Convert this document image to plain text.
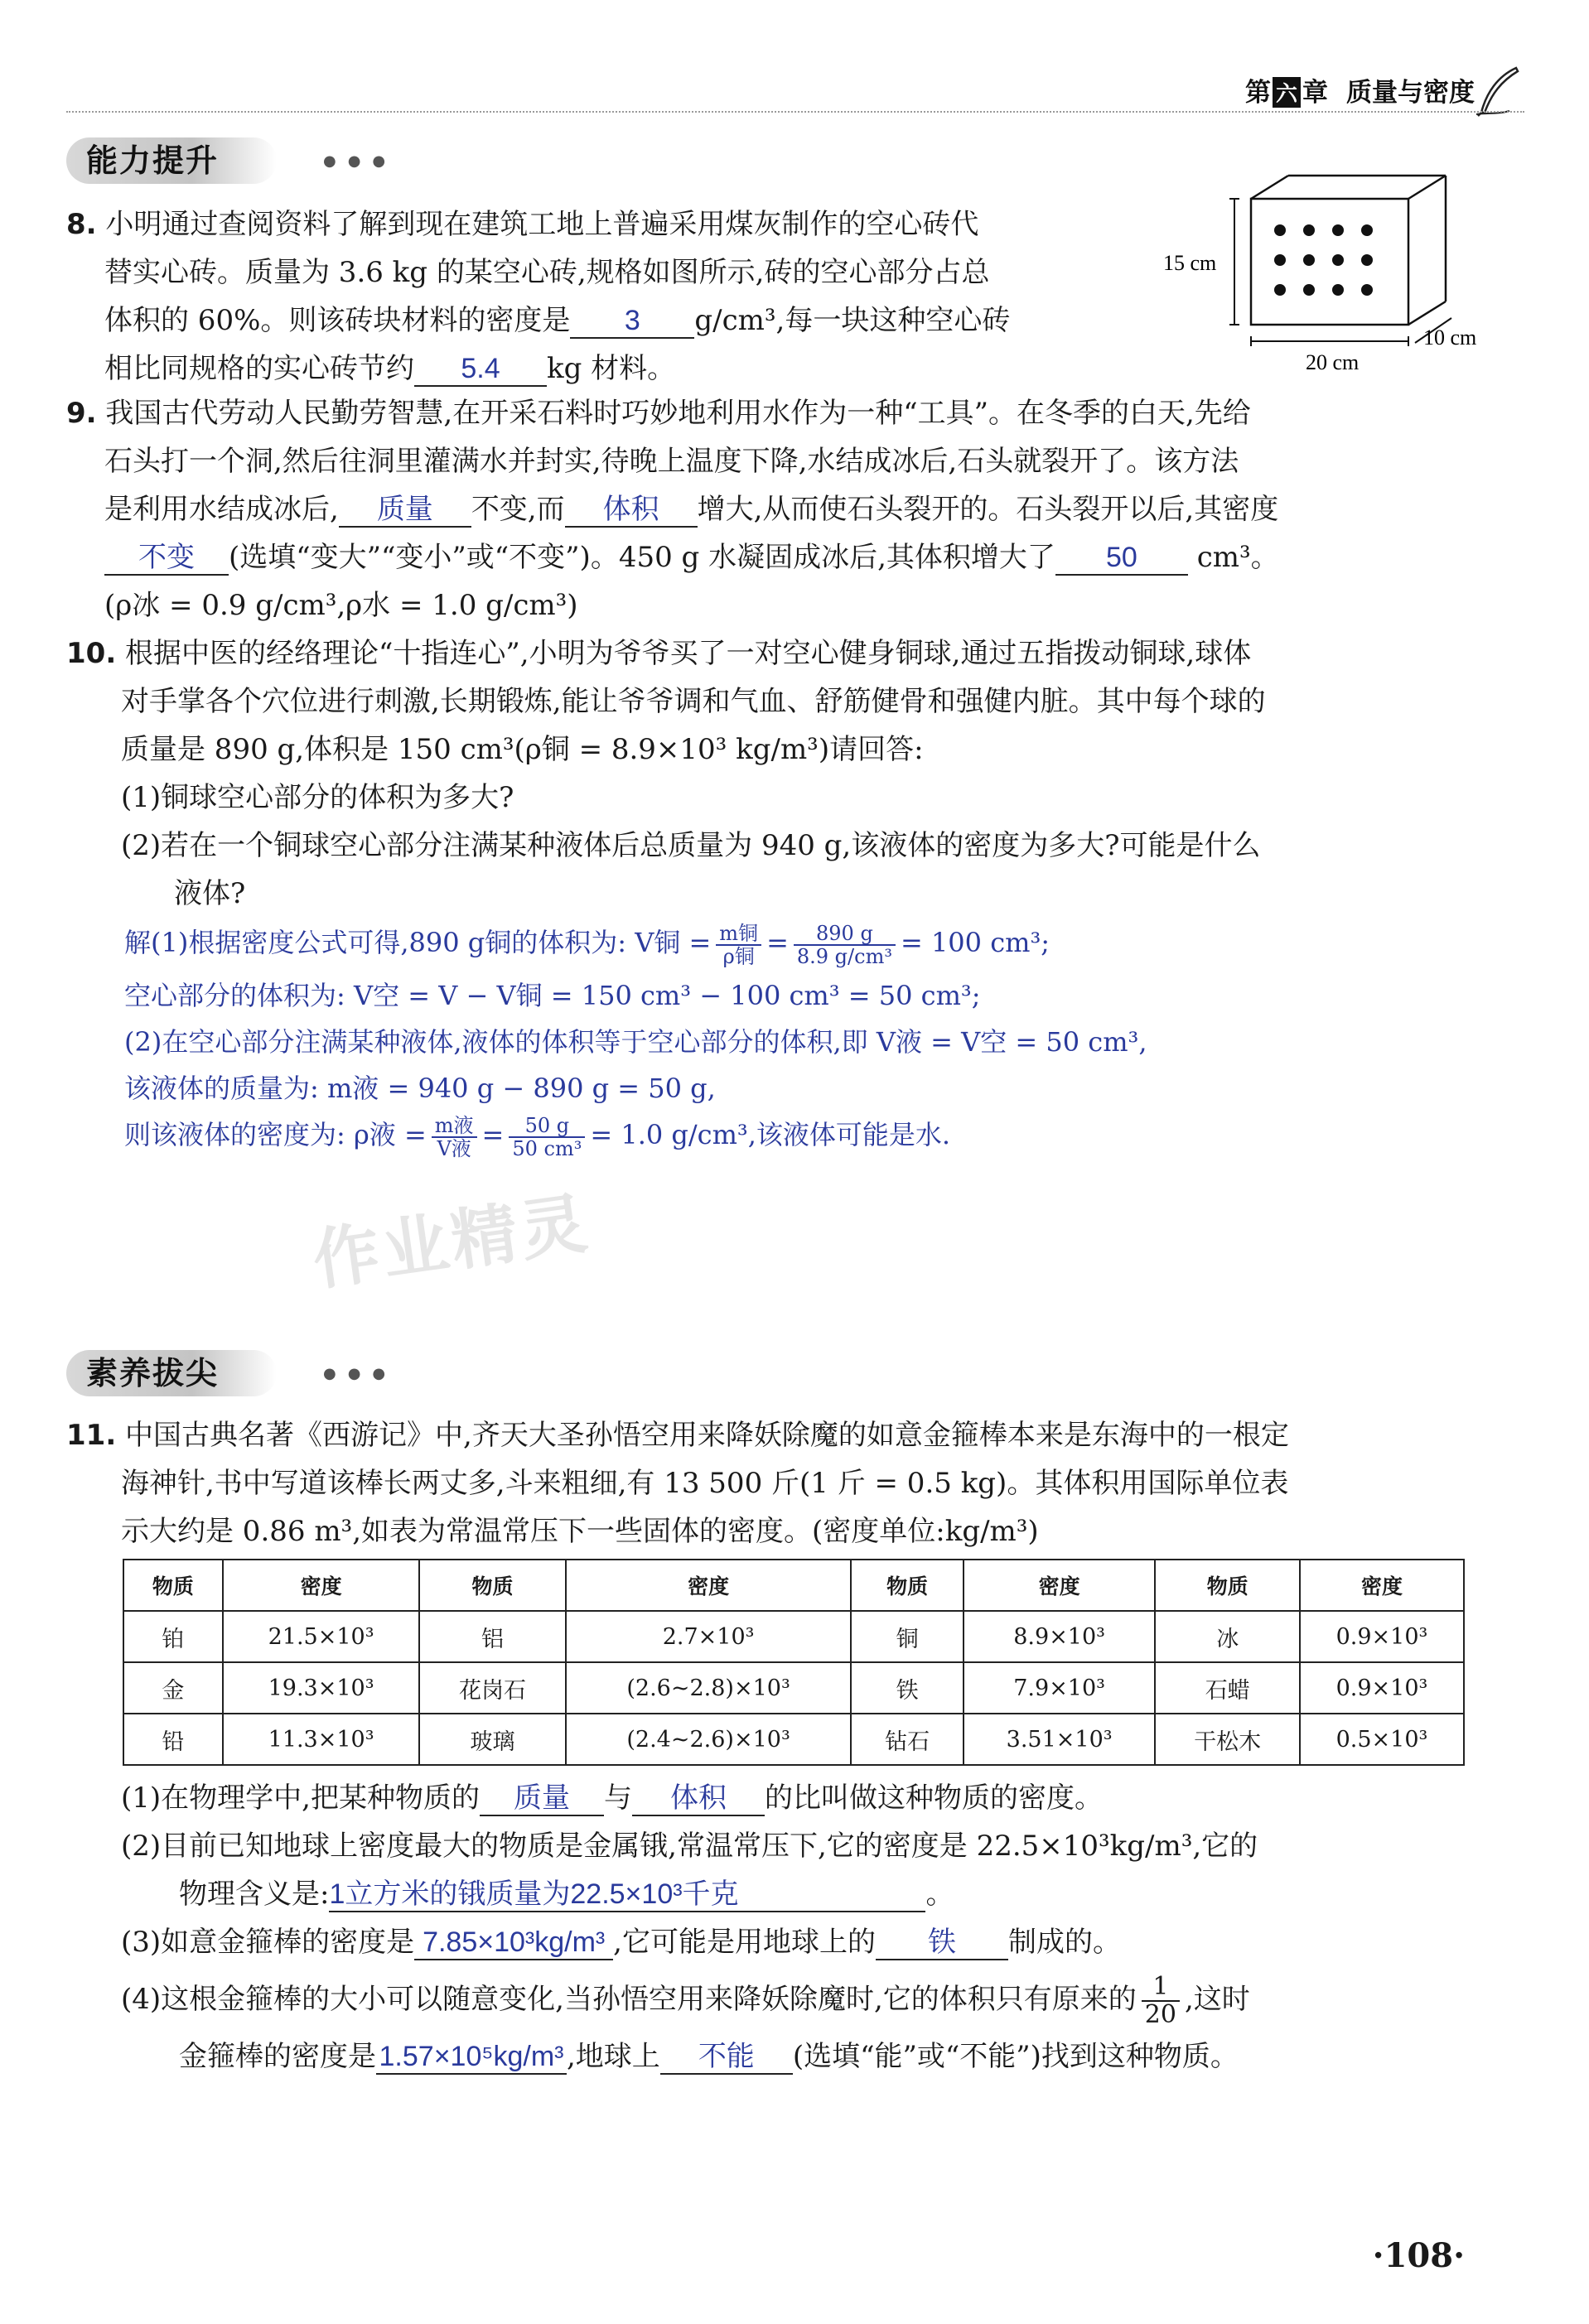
第 六 章 质量与密度
能力提升	●●●
8. 小明通过查阅资料了解到现在建筑工地上普遍采用煤灰制作的空心砖代
替实心砖。质量为 3.6 kg 的某空心砖,规格如图所示,砖的空心部分占总
体积的 60%。则该砖块材料的密度是 3 g/cm³,每一块这种空心砖
相比同规格的实心砖节约 5.4 kg 材料。
15 cm
20 cm
10 cm
9. 我国古代劳动人民勤劳智慧,在开采石料时巧妙地利用水作为一种“工具”。在冬季的白天,先给
石头打一个洞,然后往洞里灌满水并封实,待晚上温度下降,水结成冰后,石头就裂开了。该方法
是利用水结成冰后, 质量 不变,而 体积 增大,从而使石头裂开的。石头裂开以后,其密度
不变 (选填“变大”“变小”或“不变”)。450 g 水凝固成冰后,其体积增大了 50 cm³。
(ρ冰 = 0.9 g/cm³,ρ水 = 1.0 g/cm³)
10. 根据中医的经络理论“十指连心”,小明为爷爷买了一对空心健身铜球,通过五指拨动铜球,球体
对手掌各个穴位进行刺激,长期锻炼,能让爷爷调和气血、舒筋健骨和强健内脏。其中每个球的
质量是 890 g,体积是 150 cm³(ρ铜 = 8.9×10³ kg/m³)请回答:
(1)铜球空心部分的体积为多大?
(2)若在一个铜球空心部分注满某种液体后总质量为 940 g,该液体的密度为多大?可能是什么
液体?
解(1)根据密度公式可得,890 g铜的体积为: V铜 = $\frac{\text{m铜}}{\text{ρ铜}} = \frac{890 g}{\text{8.9 g/cm³}} = 100$ cm³;
空心部分的体积为: V空 = V − V铜 = 150 cm³ − 100 cm³ = 50 cm³;
(2)在空心部分注满某种液体,液体的体积等于空心部分的体积,即 V液 = V空 = 50 cm³,
该液体的质量为: m液 = 940 g − 890 g = 50 g,
则该液体的密度为: ρ液 = $\frac{\text{m液}}{\text{V液}} = \frac{50 g}{\text{50 cm³}} = 1.0$ g/cm³,该液体可能是水.
作业精灵
素养拔尖	●●●
11. 中国古典名著《西游记》中,齐天大圣孙悟空用来降妖除魔的如意金箍棒本来是东海中的一根定
海神针,书中写道该棒长两丈多,斗来粗细,有 13 500 斤(1 斤 = 0.5 kg)。其体积用国际单位表
示大约是 0.86 m³,如表为常温常压下一些固体的密度。(密度单位:kg/m³)
物质	密度	物质	密度	物质	密度	物质	密度
铂	21.5×10³	铝	2.7×10³	铜	8.9×10³	冰	0.9×10³
金	19.3×10³	花岗石	(2.6~2.8)×10³	铁	7.9×10³	石蜡	0.9×10³
铅	11.3×10³	玻璃	(2.4~2.6)×10³	钻石	3.51×10³	干松木	0.5×10³
(1)在物理学中,把某种物质的 质量 与 体积 的比叫做这种物质的密度。
(2)目前已知地球上密度最大的物质是金属锇,常温常压下,它的密度是 22.5×10³kg/m³,它的
物理含义是:1立方米的锇质量为22.5×10³千克	。
(3)如意金箍棒的密度是 7.85×10³kg/m³ ,它可能是用地球上的 铁 制成的。
(4)这根金箍棒的大小可以随意变化,当孙悟空用来降妖除魔时,它的体积只有原来的 $\frac{1}{20}$ ,这时
金箍棒的密度是 1.57×10⁵kg/m³ ,地球上 不能 (选填“能”或“不能”)找到这种物质。
·108·
